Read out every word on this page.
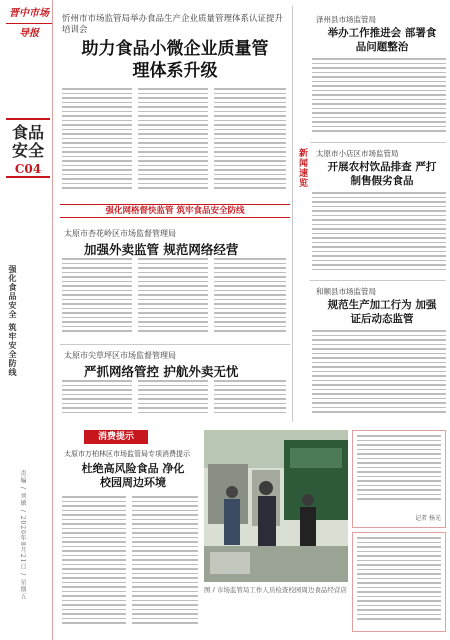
晋中市场导报
食品安全
C04
强化食品安全 筑牢安全防线
责编 / 刘敏 / 2020年8月21日 / 星期五
忻州市市场监管局举办食品生产企业质量管理体系认证提升培训会
助力食品小微企业质量管理体系升级
强化网格督快监管 筑牢食品安全防线
太原市杏花岭区市场监督管理局
加强外卖监管 规范网络经营
太原市尖草坪区市场监督管理局
严抓网络管控 护航外卖无忧
消费提示
太原市万柏林区市场监管局专项消费提示
杜绝高风险食品 净化校园周边环境
图 / 市场监管局工作人员检查校园周边食品经营店
新闻速览
泽州县市场监管局
举办工作推进会 部署食品问题整治
太原市小店区市场监管局
开展农村饮品排查 严打制售假劣食品
和顺县市场监管局
规范生产加工行为 加强证后动态监管
记者 杨光
